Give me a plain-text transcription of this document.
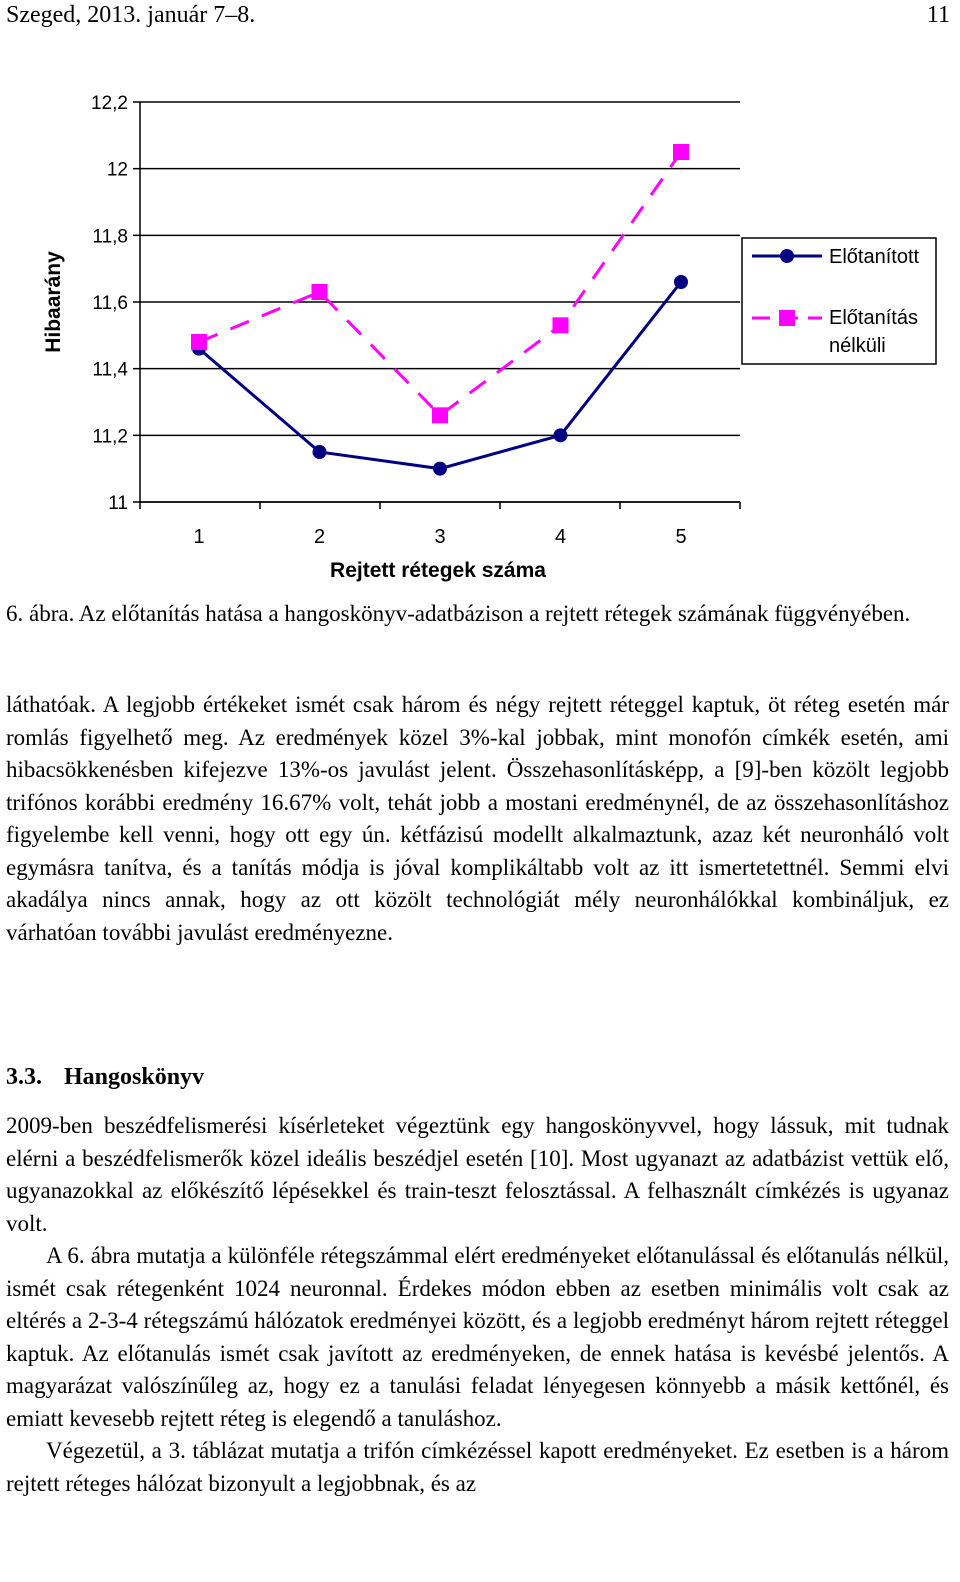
Szeged, 2013. január 7–8.	11
11
11,2
11,4
11,6
11,8
12
12,2
1	2	3	4	5
Rejtett rétegek száma
Hibaarány	Előtanított
Előtanítás nélküli
6. ábra. Az előtanítás hatása a hangoskönyv-adatbázison a rejtett rétegek számának függvényében.

láthatóak. A legjobb értékeket ismét csak három és négy rejtett réteggel kaptuk, öt réteg esetén már romlás figyelhető meg. Az eredmények közel 3%-kal jobbak, mint monofón címkék esetén, ami hibacsökkenésben kifejezve 13%-os javulást jelent. Összehasonlításképp, a [9]-ben közölt legjobb trifónos korábbi eredmény 16.67% volt, tehát jobb a mostani eredménynél, de az összehasonlításhoz figyelembe kell venni, hogy ott egy ún. kétfázisú modellt alkalmaztunk, azaz két neuronháló volt egymásra tanítva, és a tanítás módja is jóval komplikáltabb volt az itt ismertetettnél. Semmi elvi akadálya nincs annak, hogy az ott közölt technológiát mély neuronhálókkal kombináljuk, ez várhatóan további javulást eredményezne.

3.3. Hangoskönyv

2009-ben beszédfelismerési kísérleteket végeztünk egy hangoskönyvvel, hogy lássuk, mit tudnak elérni a beszédfelismerők közel ideális beszédjel esetén [10]. Most ugyanazt az adatbázist vettük elő, ugyanazokkal az előkészítő lépésekkel és train-teszt felosztással. A felhasznált címkézés is ugyanaz volt.

A 6. ábra mutatja a különféle rétegszámmal elért eredményeket előtanulással és előtanulás nélkül, ismét csak rétegenként 1024 neuronnal. Érdekes módon ebben az esetben minimális volt csak az eltérés a 2-3-4 rétegszámú hálózatok eredményei között, és a legjobb eredményt három rejtett réteggel kaptuk. Az előtanulás ismét csak javított az eredményeken, de ennek hatása is kevésbé jelentős. A magyarázat valószínűleg az, hogy ez a tanulási feladat lényegesen könnyebb a másik kettőnél, és emiatt kevesebb rejtett réteg is elegendő a tanuláshoz.

Végezetül, a 3. táblázat mutatja a trifón címkézéssel kapott eredményeket. Ez esetben is a három rejtett réteges hálózat bizonyult a legjobbnak, és az
